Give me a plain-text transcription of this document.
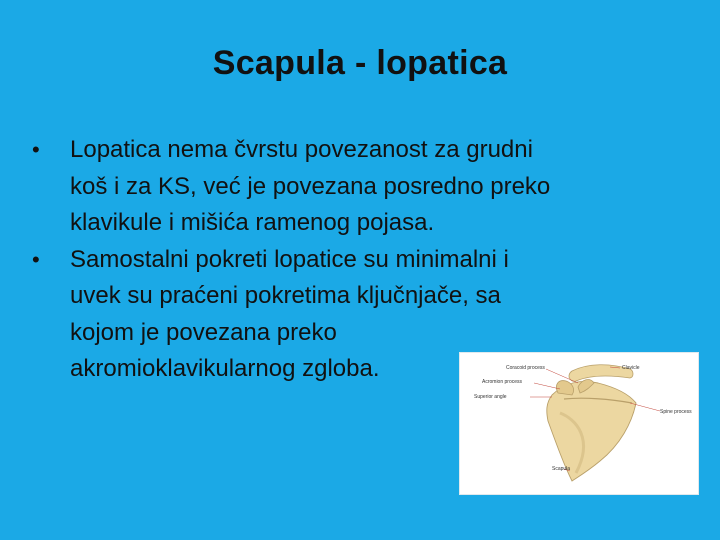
Scapula - lopatica
• Lopatica nema čvrstu povezanost za grudni
koš i za KS, već je povezana posredno preko
klavikule i mišića ramenog pojasa.
• Samostalni pokreti lopatice su minimalni i
uvek su praćeni pokretima ključnjače, sa
kojom je povezana preko
akromioklavikularnog zgloba.	Coracoid process
Acromion process
Superior angle
Clavicle
Spine process
Scapula
